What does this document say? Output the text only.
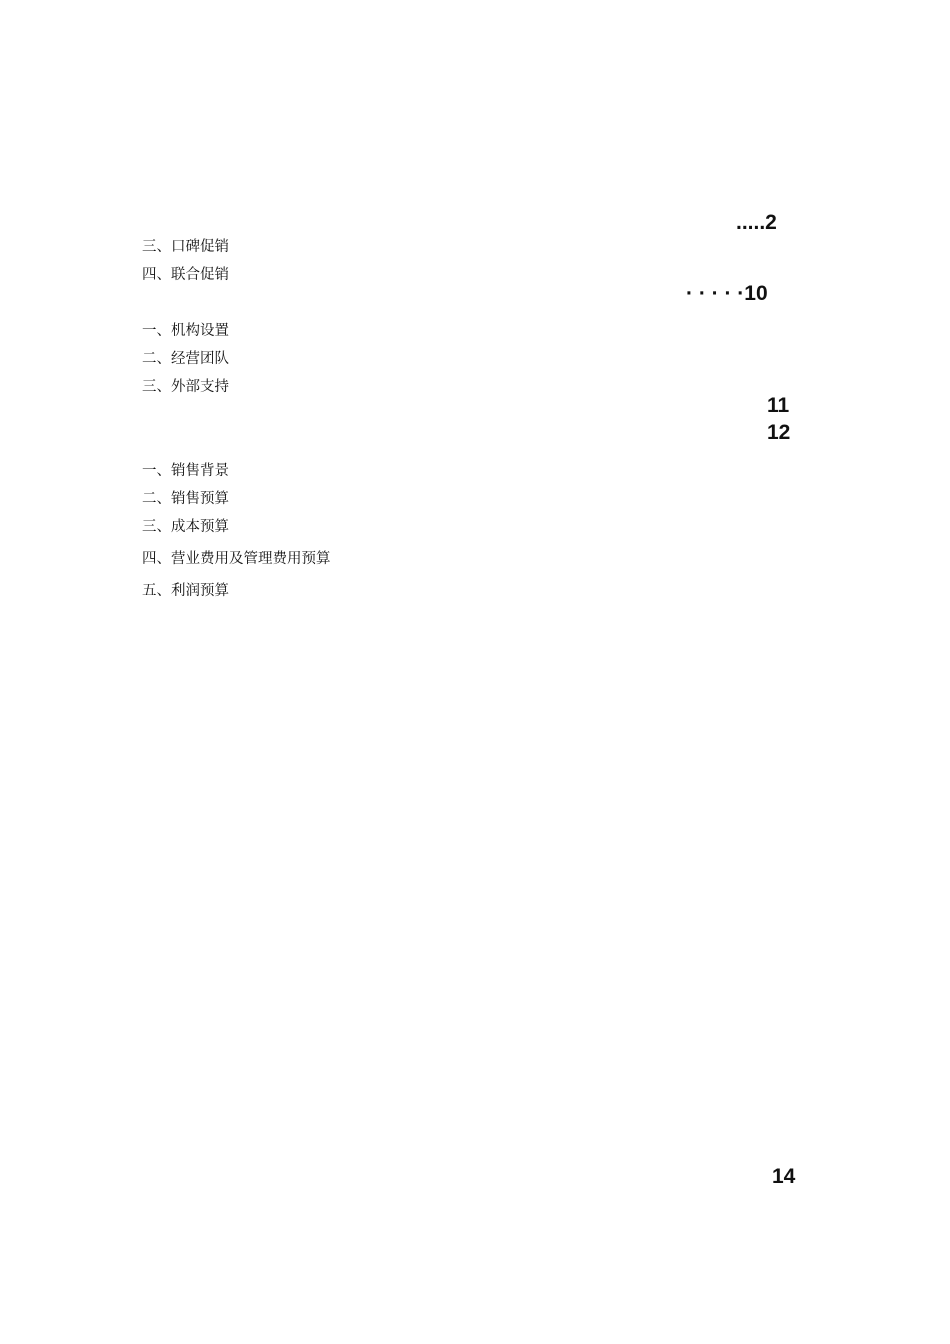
.....2
三、口碑促销
四、联合促销
· · · · ·10
一、机构设置
二、经营团队
三、外部支持
11
12
一、销售背景
二、销售预算
三、成本预算
四、营业费用及管理费用预算
五、利润预算
14
